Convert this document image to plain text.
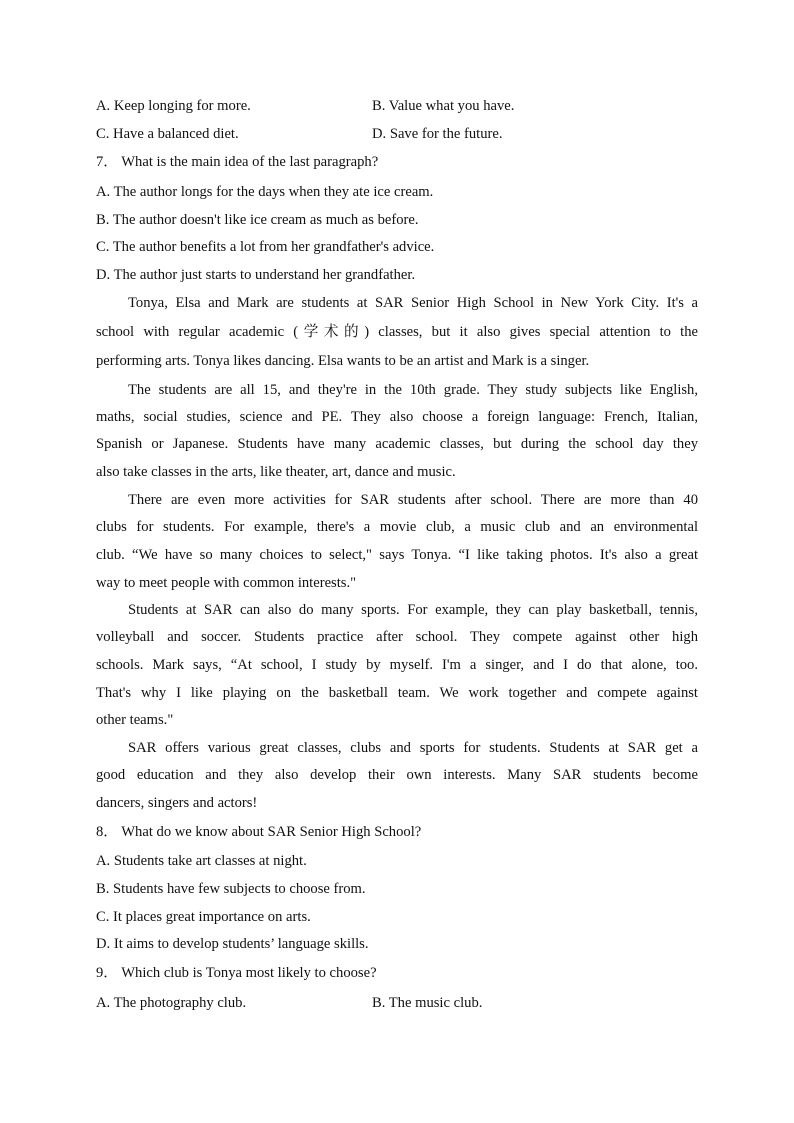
A. Keep longing for more.	B. Value what you have.
C. Have a balanced diet.	D. Save for the future.
7． What is the main idea of the last paragraph?
A. The author longs for the days when they ate ice cream.
B. The author doesn't like ice cream as much as before.
C. The author benefits a lot from her grandfather's advice.
D. The author just starts to understand her grandfather.
Tonya, Elsa and Mark are students at SAR Senior High School in New York City. It's a
school with regular academic (学术的) classes, but it also gives special attention to the
performing arts. Tonya likes dancing. Elsa wants to be an artist and Mark is a singer.
The students are all 15, and they're in the 10th grade. They study subjects like English,
maths, social studies, science and PE. They also choose a foreign language: French, Italian,
Spanish or Japanese. Students have many academic classes, but during the school day they
also take classes in the arts, like theater, art, dance and music.
There are even more activities for SAR students after school. There are more than 40
clubs for students. For example, there's a movie club, a music club and an environmental
club. “We have so many choices to select," says Tonya. “I like taking photos. It's also a great
way to meet people with common interests."
Students at SAR can also do many sports. For example, they can play basketball, tennis,
volleyball and soccer. Students practice after school. They compete against other high
schools. Mark says, “At school, I study by myself. I'm a singer, and I do that alone, too.
That's why I like playing on the basketball team. We work together and compete against
other teams."
SAR offers various great classes, clubs and sports for students. Students at SAR get a
good education and they also develop their own interests. Many SAR students become
dancers, singers and actors!
8． What do we know about SAR Senior High School?
A. Students take art classes at night.
B. Students have few subjects to choose from.
C. It places great importance on arts.
D. It aims to develop students’ language skills.
9． Which club is Tonya most likely to choose?
A. The photography club.	B. The music club.
